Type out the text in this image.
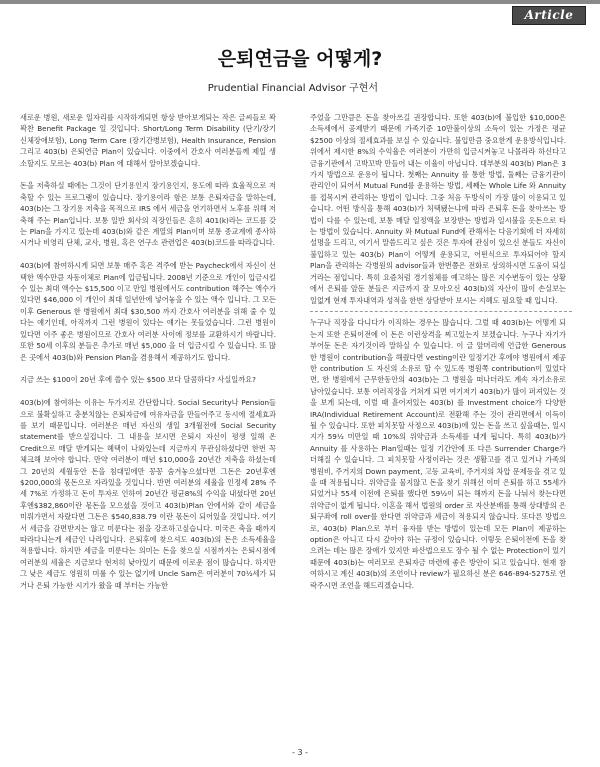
Article
은퇴연금을 어떻게?
Prudential Financial Advisor 구현서

새로운 병원, 새로운 일자리를 시작하게되면 항상 받아보게되는 작은 글씨들로 꽉꽉찬 Benefit Package 일 것입니다. Short/Long Term Disability (단기/장기 신체장애보험), Long Term Care (장기간병보험), Health Insurance, Pension그리고 403(b) 은퇴연금 Plan이 있습니다. 이중에서 간호사 여러분들께 제일 생소할지도 모르는 403(b) Plan 에 대해서 알아보겠습니다.

돈을 저축하실 때에는 그것이 단기용인지 장기용인지, 용도에 따라 효율적으로 저축할 수 있는 프로그램이 있습니다. 장기용이라 함은 보통 은퇴자금을 말하는데, 403(b)는 그 장기용 저축을 목적으로 IRS 에서 세금을 연기하면서 노후를 위해 저축해 주는 Plan입니다. 보통 일반 회사의 직장인들은 흔히 401(k)라는 코드를 갖는 Plan을 가지고 있는데 403(b)와 같은 계열의 Plan이며 보통 종교계에 종사하시거나 비영리 단체, 교사, 병원, 혹은 연구소 관련업은 403(b)코드를 따라갑니다.

403(b)에 참여하시게 되면 보통 매주 혹은 격주에 받는 Paycheck에서 자신이 선택한 액수만큼 자동이체로 Plan에 입금됩니다. 2008년 기준으로 개인이 입금시킬 수 있는 최대 액수는 $15,500 이고 만일 병원에서도 contribution 해주는 액수가 있다면 $46,000 이 개인이 최대 일년안에 넣어놓을 수 있는 액수 입니다. 그 모든 이후 Generous 한 병원에서 최대 $30,500 까지 간호사 여러분을 위해 줄 수 있다는 얘기인데, 아직까지 그런 병원이 있다는 얘기는 못들었습니다. 그런 병원이 있다면 이주 좋은 병원이므로 간호사 여러분 사이에 정보를 교환하시기 바랍니다. 또한 50세 이후의 분들은 추가로 매년 $5,000 을 더 입금시킬 수 있습니다. 또 많은 곳에서 403(b)와 Pension Plan을 겸용해서 제공하기도 합니다.

지금 쓰는 $100이 20년 후에 쓸수 있는 $500 보다 달콤하다? 사실일까요?

403(b)에 참여하는 이유는 두가지로 간단합니다. Social Security나 Pension들으로 불확실하고 충분치않는 은퇴자금에 여유자금을 만들어주고 동시에 절세효과를 보기 때문입니다. 여러분은 매년 자신의 생일 3개월전에 Social Security statement를 받으실겁니다. 그 내용을 보시면 은퇴시 자신이 평생 일해 온 Credit으로 매달 받게되는 혜택이 나와있는데 지금까지 무관심하셨다면 한번 꼭 체크해 보아야 합니다. 만약 여러분이 매년 $10,000을 20년간 저축을 하셨는데 그 20년의 세월동안 돈을 침대밑에만 꽁꽁 숨겨놓으셨다면 그돈은 20년후엔 $200,000의 몫돈으로 자라있을 것입니다. 반면 여러분의 세율을 인정세 28% 주세 7%로 가정하고 돈이 투자로 인하여 20년간 평균8%의 수익을 내셨다면 20년후엔$382,860이란 몫돈을 모으셨을 것이고 403(b)Plan 안에서와 같이 세금을 미뤄가면서 자랐다면 그돈은 $540,838.79 이란 몫돈이 되어있을 것입니다. 여기서 세금을 감면받지는 않고 미룬다는 점을 강조하고싶습니다. 미국은 축을 때까지 따라다니는게 세금인 나라입니다. 은퇴후에 찾으셔도 403(b)의 돈은 소득세율을 적용합니다. 하지만 세금을 미룬다는 의미는 돈을 찾으실 시점까지는 은퇴시점에 여러분의 세율은 지금보다 현저히 낮아있기 때문에 이로운 점이 많습니다. 하지만 그 낮은 세금도 영원히 미룰 수 있는 없기에 Uncle Sam은 여러분이 70½세가 되거나 은퇴 가능한 시기가 왔을 때 부터는 가능한

주었을 그만큼은 돈을 찾아쓰길 권장합니다. 또한 403(b)에 불입한 $10,000은 소득세에서 공제받기 때문에 가족기준 10만불이상의 소득이 있는 가정은 평균 $2500 이상의 절세효과를 보실 수 있습니다. 불입만큼 중요한게 운용방식입니다. 위에서 제시한 8%의 수익율은 여러분이 가만히 입금시켜놓고 나몰라라 하신다고 금융기관에서 고박꼬박 만들어 내는 이율이 아닙니다. 대부분의 403(b) Plan은 3가지 방법으로 운용이 됩니다. 첫째는 Annuity 를 통한 방법, 둘째는 금융기관이 관리인이 되어서 Mutual Fund를 운용하는 방법, 세째는 Whole Life 와 Annuity를 접목시켜 관리하는 방법이 입니다. 그중 처음 두방식이 가장 많이 이용되고 있습니다. 어떤 방식을 통해 403(b)가 처택됐는냐에 따라 은퇴후 돈을 찾아쓰는 방법이 다를 수 있는데, 보통 매달 일정액을 보장받는 방법과 일시불을 옷돈으로 타는 방법이 있습니다. Annuity 와 Mutual Fund에 관해서는 다음기회에 더 자세히 설명을 드리고, 여기서 말씀드리고 싶은 것은 투자에 관심이 있으신 분들도 자신이 불입하고 있는 403(b) Plan이 어떻게 운용되고, 어떤식으로 투자되어야 할지 Plan을 관리하는 각병원의 advisor들과 한번쯤은 전화로 상의하시면 도움이 되실거라는 점입니다. 특히 요즘처럼 경기침체를 예고하는 많은 지수변동이 있는 상황에서 은퇴를 앞둔 분들은 지금까지 잘 모아오신 403(b)의 자산이 많이 손실보는 일없게 현재 투자내역과 성적을 한번 상담받아 보시는 지혜도 필요할 때 입니다.

누구나 직장을 다니다가 이직하는 경우는 많습니다. 그럴 때 403(b)는 어떻게 되는지 또한 은퇴이전에 이 돈은 이런상격을 찌고있는지 보겠습니다. 누구나 자기가 부어둔 돈은 자기것이라 말하실 수 있습니다. 이 글 앞머리에 언급한 Generous 한 병원이 contribution을 해줬다면 vesting이란 일정기간 후에야 병원에서 제공한 contribution 도 자신의 소유로 할 수 있도록 병원쪽 contribution이 있었다면, 한 병원에서 근무한동안의 403(b)는 그 병원을 떠나더라도 계속 자기소유로 남아있습니다. 보통 여러직장을 거쳐게 되면 여기저기 403(b)가 많이 퍼져있는 것을 보게 되는데, 이럴 때 흩어져있는 403(b) 를 Investment choice가 다양한 IRA(Individual Retirement Account)로 전환해 주는 것이 관리면에서 이득이 될 수 있습니다. 또한 피치못할 사정으로 403(b)에 있는 돈을 쓰고 싶을때는, 일시지가 59½ 미만일 때 10%의 위약금과 소득세를 내게 됩니다. 특히 403(b)가 Annuity 를 사용하는 Plan일때는 일정 기간안에 또 다른 Surrender Charge가 더해질 수 있습니다. 그 피치못할 사정이라는 것은 생활고를 겪고 있거나 가족의 병원비, 주거지의 Down payment, 고등 교육비, 주거지의 차압 문제등을 겪고 있을 때 적용됩니다. 위약금을 물지않고 돈을 찾기 위해선 이미 은퇴를 하고 55세가 되었거나 55세 이전에 은퇴를 했다면 59½이 되는 해까지 돈을 나눠서 찾는다면 위약금이 없게 됩니다. 이혼을 해서 법원의 order 로 자산분배를 통해 상대방의 은퇴구좌에 roll over를 한다면 위약금과 세금이 적용되지 않습니다. 또다른 방법으로, 403(b) Plan으로 부터 융자를 받는 방법이 있는데 모든 Plan이 제공하는 option은 아니고 다시 갚아야 하는 규정이 있습니다. 이렇듯 은퇴이전에 돈을 찾으려는 데는 많은 장애가 있지만 파산법으로도 장수 될 수 없는 Protection이 있기 때문에 403(b)는 여러모로 은퇴자금 마련에 좋은 방안이 되고 있습니다. 현재 참여하시고 계신 403(b)의 조언이나 review가 필요하신 분은 646-894-5275로 연락주시면 조언을 해드리겠습니다.

- 3 -
